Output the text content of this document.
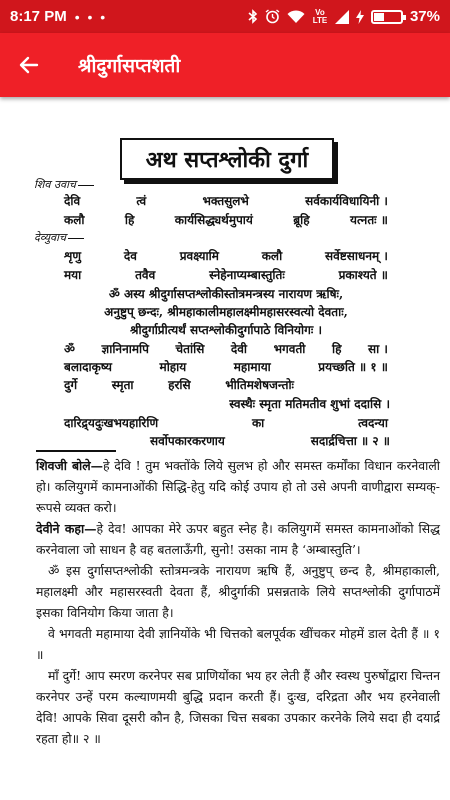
8:17 PM • • •	Vo LTE	37%
श्रीदुर्गासप्तशती
अथ सप्तश्लोकी दुर्गा
शिव उवाच
देवि	त्वं	भक्तसुलभे	सर्वकार्यविधायिनी ।
कलौ	हि	कार्यसिद्ध्यर्थमुपायं	ब्रूहि	यत्नतः ॥
देव्युवाच
शृणु	देव	प्रवक्ष्यामि	कलौ	सर्वेष्टसाधनम् ।
मया	तवैव	स्नेहेनाप्यम्बास्तुतिः	प्रकाश्यते ॥
ॐ अस्य श्रीदुर्गासप्तश्लोकीस्तोत्रमन्त्रस्य नारायण ऋषिः,
अनुष्टुप् छन्दः, श्रीमहाकालीमहालक्ष्मीमहासरस्वत्यो देवताः,
श्रीदुर्गाप्रीत्यर्थं सप्तश्लोकीदुर्गापाठे विनियोगः ।
ॐ ज्ञानिनामपि चेतांसि देवी भगवती हि सा ।
बलादाकृष्य	मोहाय	महामाया	प्रयच्छति ॥ १ ॥
दुर्गे	स्मृता	हरसि	भीतिमशेषजन्तोः
स्वस्थैः स्मृता मतिमतीव शुभां ददासि ।
दारिद्र्यदुःखभयहारिणि	का	त्वदन्या
सर्वोपकारकरणाय	सदार्द्रचित्ता ॥ २ ॥

शिवजी बोले—हे देवि ! तुम भक्तोंके लिये सुलभ हो और समस्त कर्मोंका विधान करनेवाली हो। कलियुगमें कामनाओंकी सिद्धि-हेतु यदि कोई उपाय हो तो उसे अपनी वाणीद्वारा सम्यक्-रूपसे व्यक्त करो।

देवीने कहा—हे देव! आपका मेरे ऊपर बहुत स्नेह है। कलियुगमें समस्त कामनाओंको सिद्ध करनेवाला जो साधन है वह बतलाऊँगी, सुनो! उसका नाम है ‘अम्बास्तुति’।

ॐ इस दुर्गासप्तश्लोकी स्तोत्रमन्त्रके नारायण ऋषि हैं, अनुष्टुप् छन्द है, श्रीमहाकाली, महालक्ष्मी और महासरस्वती देवता हैं, श्रीदुर्गाकी प्रसन्नताके लिये सप्तश्लोकी दुर्गापाठमें इसका विनियोग किया जाता है।

वे भगवती महामाया देवी ज्ञानियोंके भी चित्तको बलपूर्वक खींचकर मोहमें डाल देती हैं ॥ १ ॥

माँ दुर्गे! आप स्मरण करनेपर सब प्राणियोंका भय हर लेती हैं और स्वस्थ पुरुषोंद्वारा चिन्तन करनेपर उन्हें परम कल्याणमयी बुद्धि प्रदान करती हैं। दुःख, दरिद्रता और भय हरनेवाली देवि! आपके सिवा दूसरी कौन है, जिसका चित्त सबका उपकार करनेके लिये सदा ही दयार्द्र रहता हो॥ २ ॥
